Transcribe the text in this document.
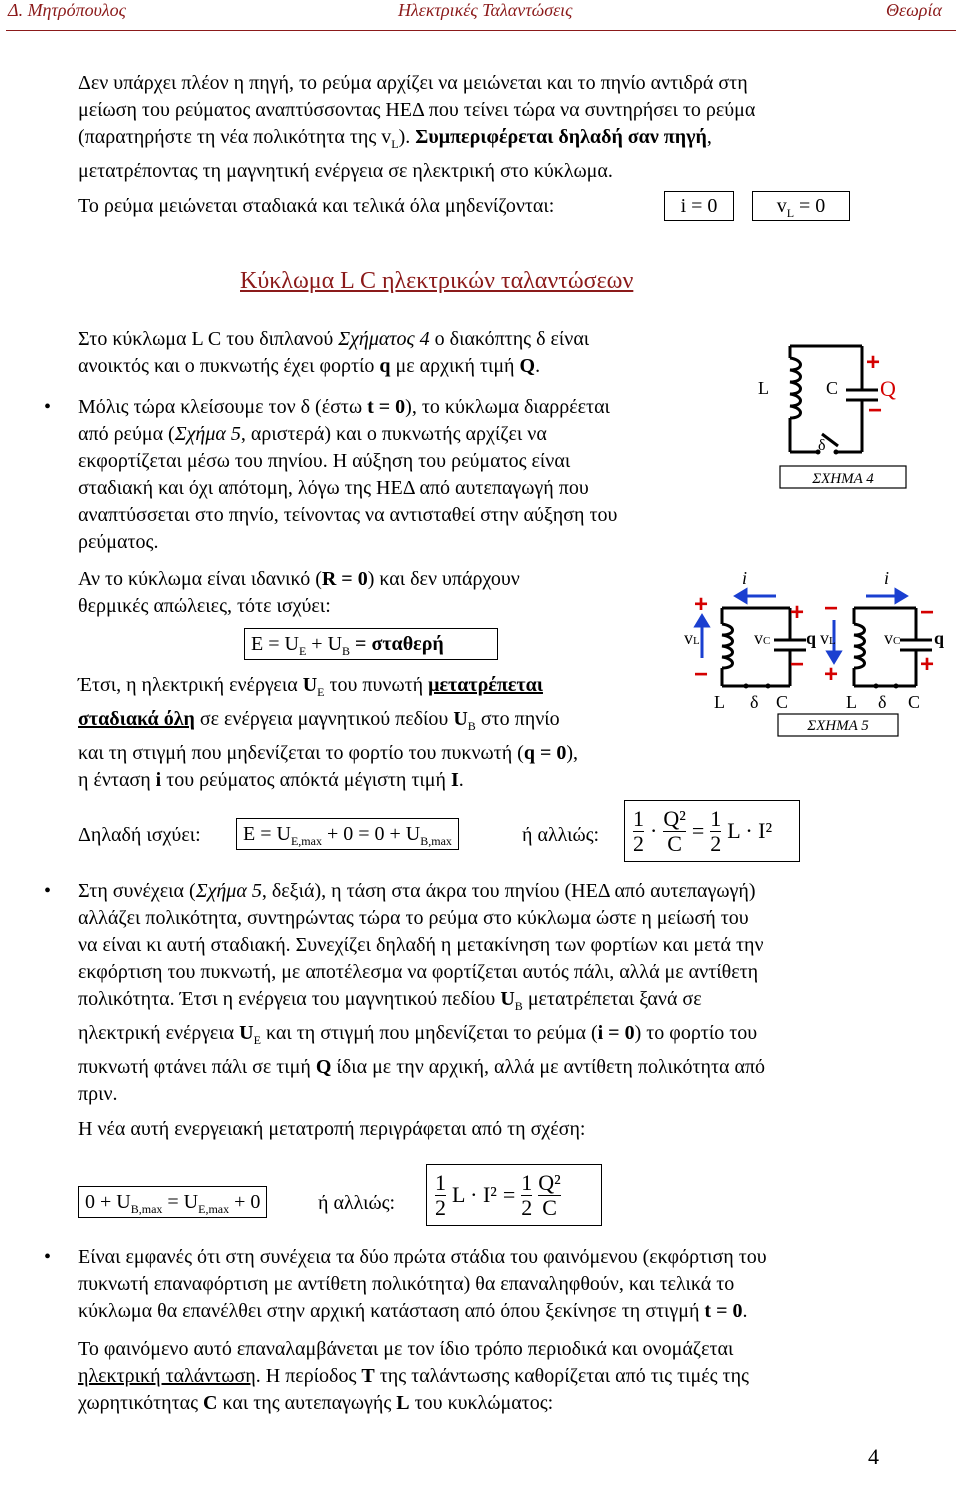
Δ. Μητρόπουλος	Ηλεκτρικές Ταλαντώσεις	Θεωρία
Δεν υπάρχει πλέον η πηγή, το ρεύμα αρχίζει να μειώνεται και το πηνίο αντιδρά στη
μείωση του ρεύματος αναπτύσσοντας ΗΕΔ που τείνει τώρα να συντηρήσει το ρεύμα
(παρατηρήστε τη νέα πολικότητα της $v_L$). Συμπεριφέρεται δηλαδή σαν πηγή,
μετατρέποντας τη μαγνητική ενέργεια σε ηλεκτρική στο κύκλωμα.
Το ρεύμα μειώνεται σταδιακά και τελικά όλα μηδενίζονται:	i = 0	$v_L = 0$
Κύκλωμα L C ηλεκτρικών ταλαντώσεων
Στο κύκλωμα L C του διπλανού Σχήματος 4 ο διακόπτης δ είναι
ανοικτός και ο πυκνωτής έχει φορτίο q με αρχική τιμή Q.
• Μόλις τώρα κλείσουμε τον δ (έστω t = 0), το κύκλωμα διαρρέεται
από ρεύμα (Σχήμα 5, αριστερά) και ο πυκνωτής αρχίζει να
εκφορτίζεται μέσω του πηνίου. Η αύξηση του ρεύματος είναι
σταδιακή και όχι απότομη, λόγω της ΗΕΔ από αυτεπαγωγή που
αναπτύσσεται στο πηνίο, τείνοντας να αντισταθεί στην αύξηση του
ρεύματος.
L	C
+
−
Q
δ
ΣΧΗΜΑ 4
Αν το κύκλωμα είναι ιδανικό (R = 0) και δεν υπάρχουν
θερμικές απώλειες, τότε ισχύει:
$E = U_E + U_B = \sigma\tau\alpha\theta\varepsilon\rho ή$
Έτσι, η ηλεκτρική ενέργεια $U_E$ του πυνωτή μετατρέπεται
σταδιακά όλη σε ενέργεια μαγνητικού πεδίου $U_B$ στο πηνίο
και τη στιγμή που μηδενίζεται το φορτίο του πυκνωτή (q = 0),
η ένταση i του ρεύματος απόκτά μέγιστη τιμή I.
i	i
vL	vC q vL	vC q
L δ C	L δ C
+
−
+
−
−
+
−
+
ΣΧΗΜΑ 5
Δηλαδή ισχύει:	$E = U_{E,max} + 0 = 0 + U_{B,max}$	ή αλλιώς: $\frac{1}{2} \cdot \frac{\text{Q²}}{C} = \frac{1}{2}$ L · I²
• Στη συνέχεια (Σχήμα 5, δεξιά), η τάση στα άκρα του πηνίου (ΗΕΔ από αυτεπαγωγή)
αλλάζει πολικότητα, συντηρώντας τώρα το ρεύμα στο κύκλωμα ώστε η μείωσή του
να είναι κι αυτή σταδιακή. Συνεχίζει δηλαδή η μετακίνηση των φορτίων και μετά την
εκφόρτιση του πυκνωτή, με αποτέλεσμα να φορτίζεται αυτός πάλι, αλλά με αντίθετη
πολικότητα. Έτσι η ενέργεια του μαγνητικού πεδίου $U_B$ μετατρέπεται ξανά σε
ηλεκτρική ενέργεια $U_E$ και τη στιγμή που μηδενίζεται το ρεύμα (i = 0) το φορτίο του
πυκνωτή φτάνει πάλι σε τιμή Q ίδια με την αρχική, αλλά με αντίθετη πολικότητα από
πριν.
Η νέα αυτή ενεργειακή μετατροπή περιγράφεται από τη σχέση:
$0 + U_{B,max} = U_{E,max} + 0$	ή αλλιώς: $\frac{1}{2}$ $L \cdot I^2 = \frac{1}{2} \frac{\text{Q²}}{C}$
• Είναι εμφανές ότι στη συνέχεια τα δύο πρώτα στάδια του φαινόμενου (εκφόρτιση του
πυκνωτή επαναφόρτιση με αντίθετη πολικότητα) θα επαναληφθούν, και τελικά το
κύκλωμα θα επανέλθει στην αρχική κατάσταση από όπου ξεκίνησε τη στιγμή t = 0.
Το φαινόμενο αυτό επαναλαμβάνεται με τον ίδιο τρόπο περιοδικά και ονομάζεται
ηλεκτρική ταλάντωση. Η περίοδος T της ταλάντωσης καθορίζεται από τις τιμές της
χωρητικότητας C και της αυτεπαγωγής L του κυκλώματος:
4
